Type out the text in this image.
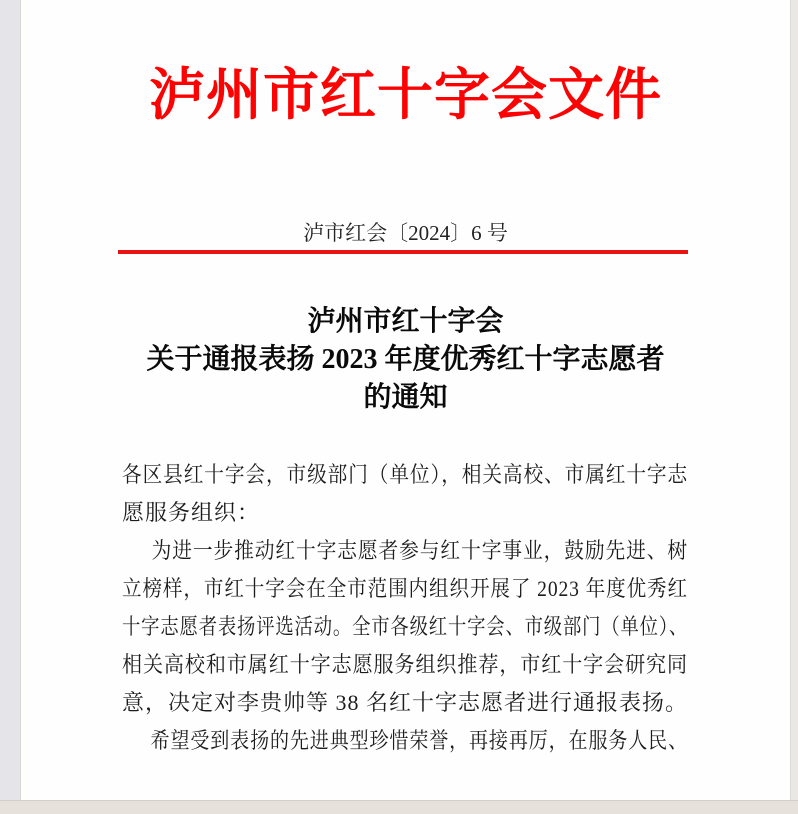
泸州市红十字会文件
泸市红会〔2024〕6 号
泸州市红十字会
关于通报表扬 2023 年度优秀红十字志愿者
的通知
各区县红十字会，市级部门（单位），相关高校、市属红十字志
愿服务组织：
为进一步推动红十字志愿者参与红十字事业，鼓励先进、树
立榜样，市红十字会在全市范围内组织开展了 2023 年度优秀红
十字志愿者表扬评选活动。全市各级红十字会、市级部门（单位）、
相关高校和市属红十字志愿服务组织推荐，市红十字会研究同
意，决定对李贵帅等 38 名红十字志愿者进行通报表扬。
希望受到表扬的先进典型珍惜荣誉，再接再厉，在服务人民、
